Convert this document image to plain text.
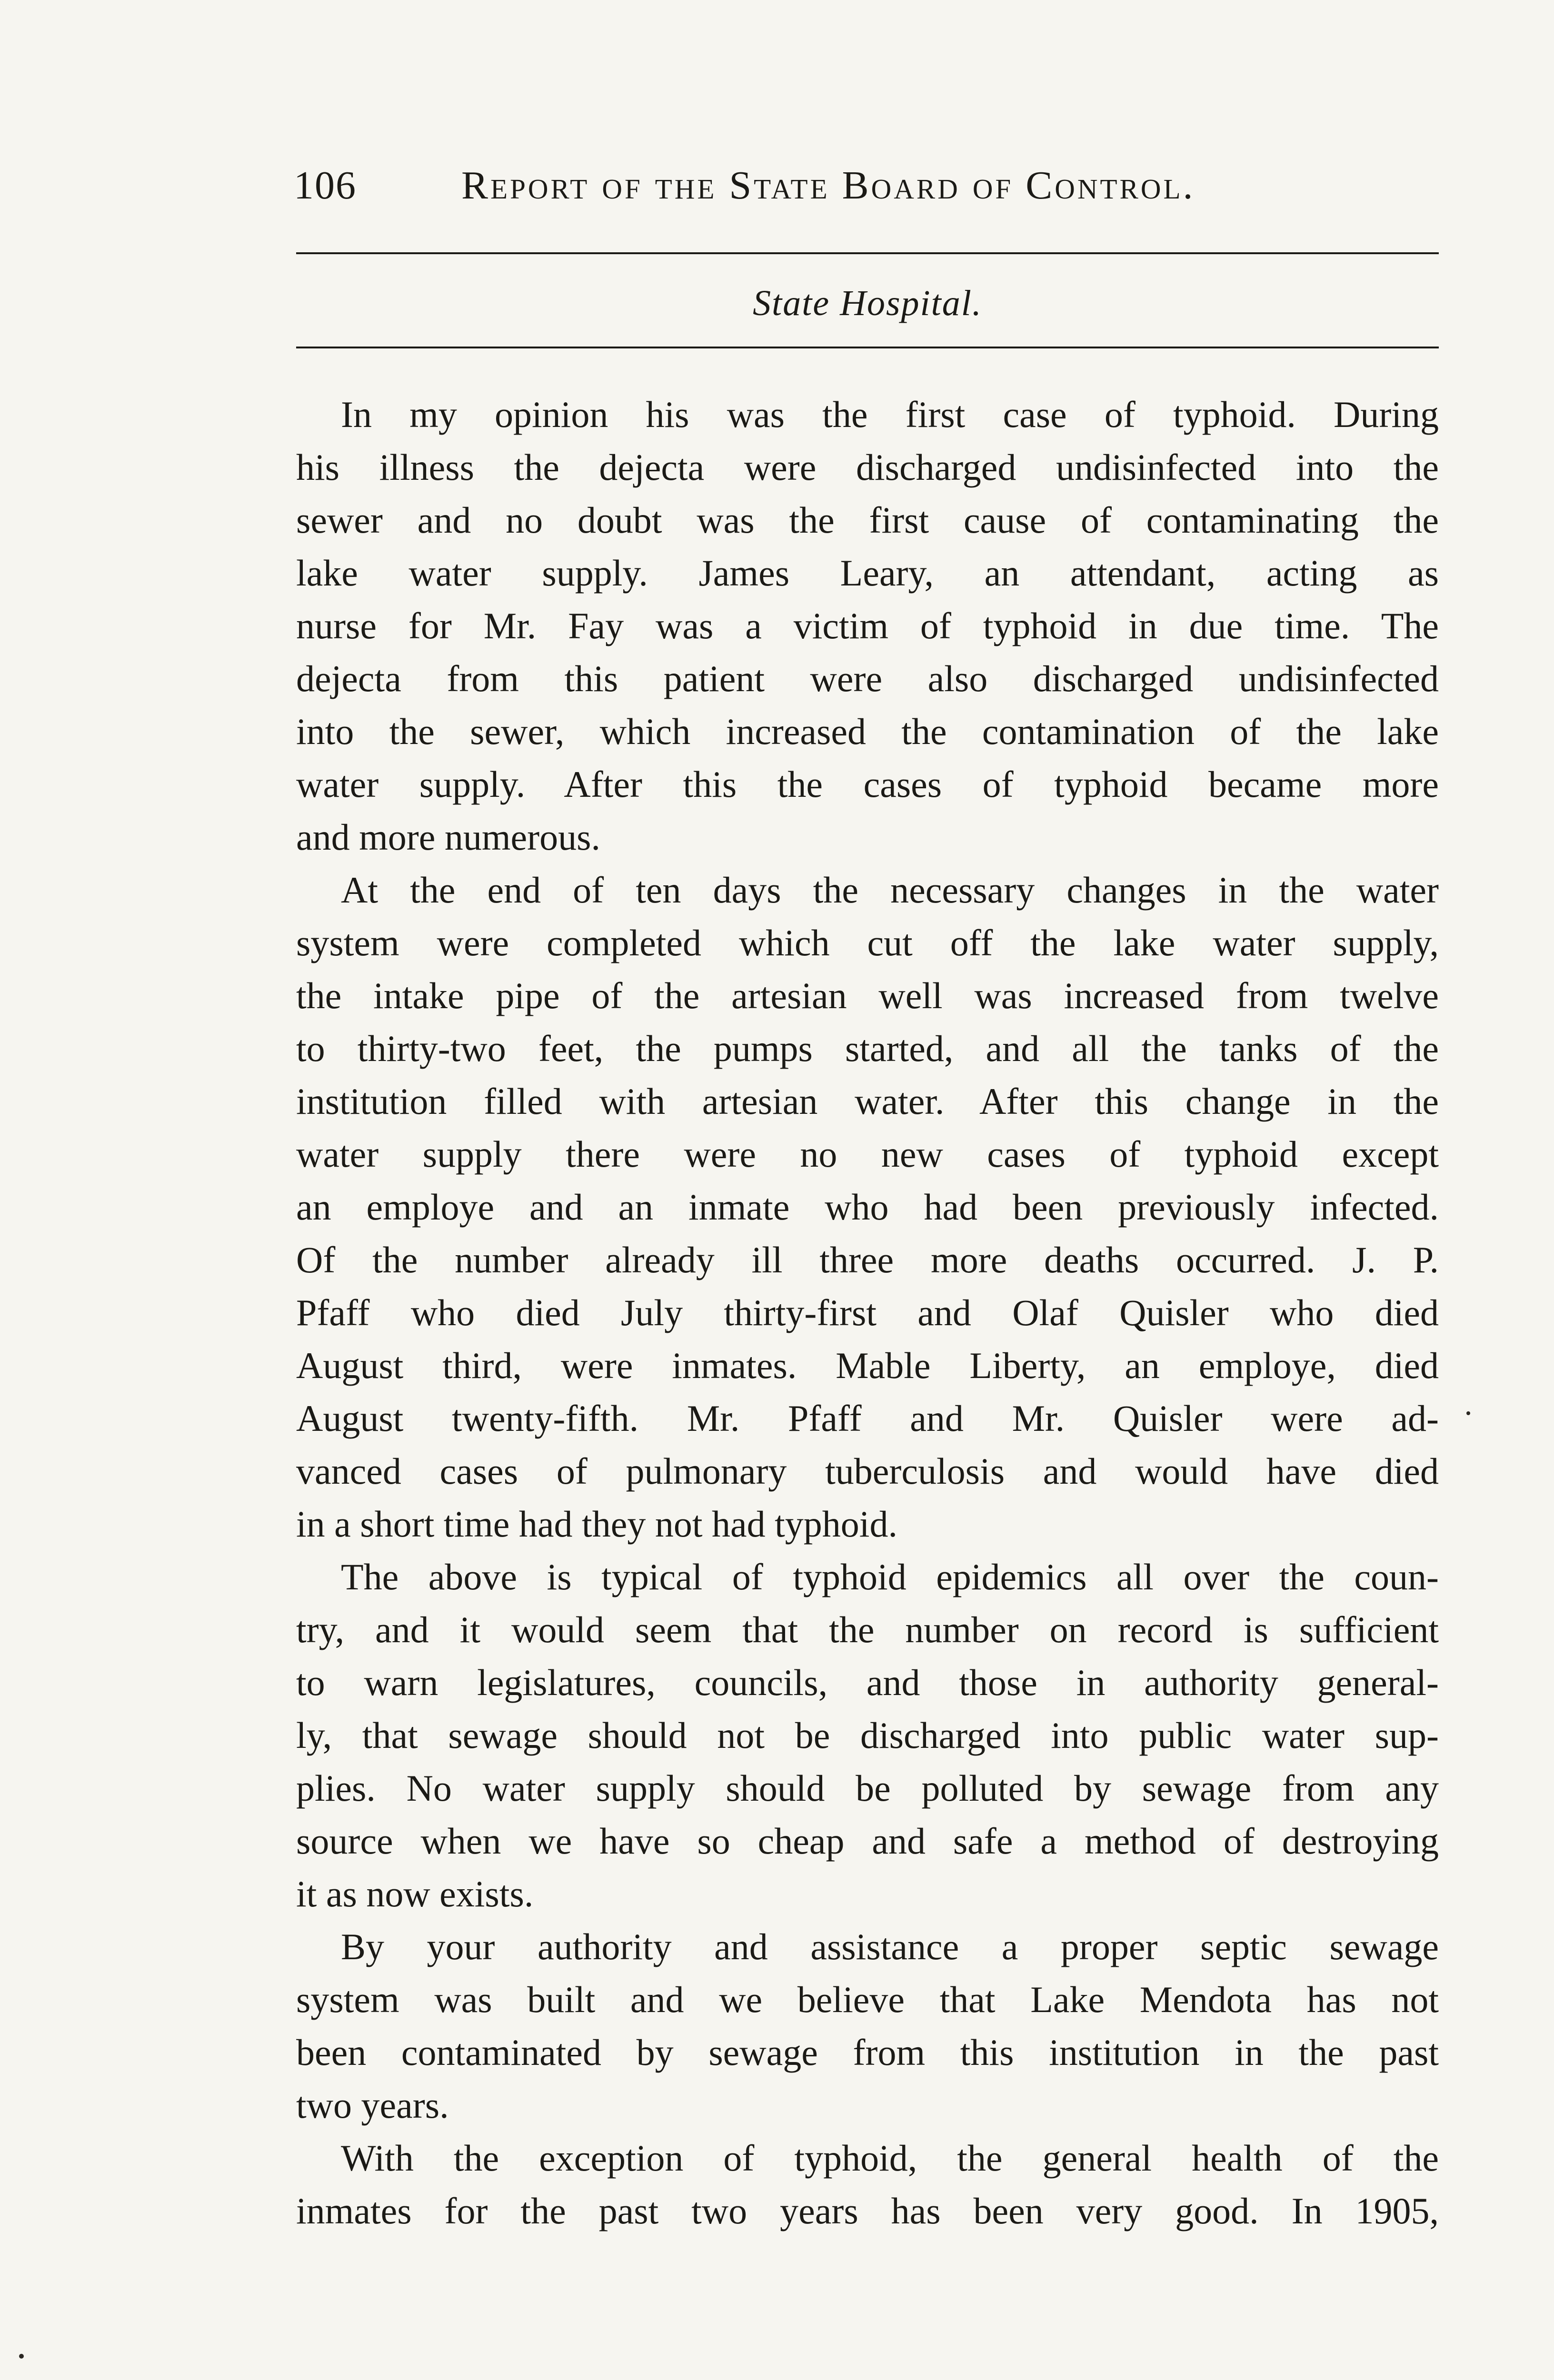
106	Report of the State Board of Control.
State Hospital.
In my opinion his was the first case of typhoid. During
his illness the dejecta were discharged undisinfected into the
sewer and no doubt was the first cause of contaminating the
lake water supply. James Leary, an attendant, acting as
nurse for Mr. Fay was a victim of typhoid in due time. The
dejecta from this patient were also discharged undisinfected
into the sewer, which increased the contamination of the lake
water supply. After this the cases of typhoid became more
and more numerous.
At the end of ten days the necessary changes in the water
system were completed which cut off the lake water supply,
the intake pipe of the artesian well was increased from twelve
to thirty-two feet, the pumps started, and all the tanks of the
institution filled with artesian water. After this change in the
water supply there were no new cases of typhoid except
an employe and an inmate who had been previously infected.
Of the number already ill three more deaths occurred. J. P.
Pfaff who died July thirty-first and Olaf Quisler who died
August third, were inmates. Mable Liberty, an employe, died
August twenty-fifth. Mr. Pfaff and Mr. Quisler were ad-
vanced cases of pulmonary tuberculosis and would have died
in a short time had they not had typhoid.
The above is typical of typhoid epidemics all over the coun-
try, and it would seem that the number on record is sufficient
to warn legislatures, councils, and those in authority general-
ly, that sewage should not be discharged into public water sup-
plies. No water supply should be polluted by sewage from any
source when we have so cheap and safe a method of destroying
it as now exists.
By your authority and assistance a proper septic sewage
system was built and we believe that Lake Mendota has not
been contaminated by sewage from this institution in the past
two years.
With the exception of typhoid, the general health of the
inmates for the past two years has been very good. In 1905,
